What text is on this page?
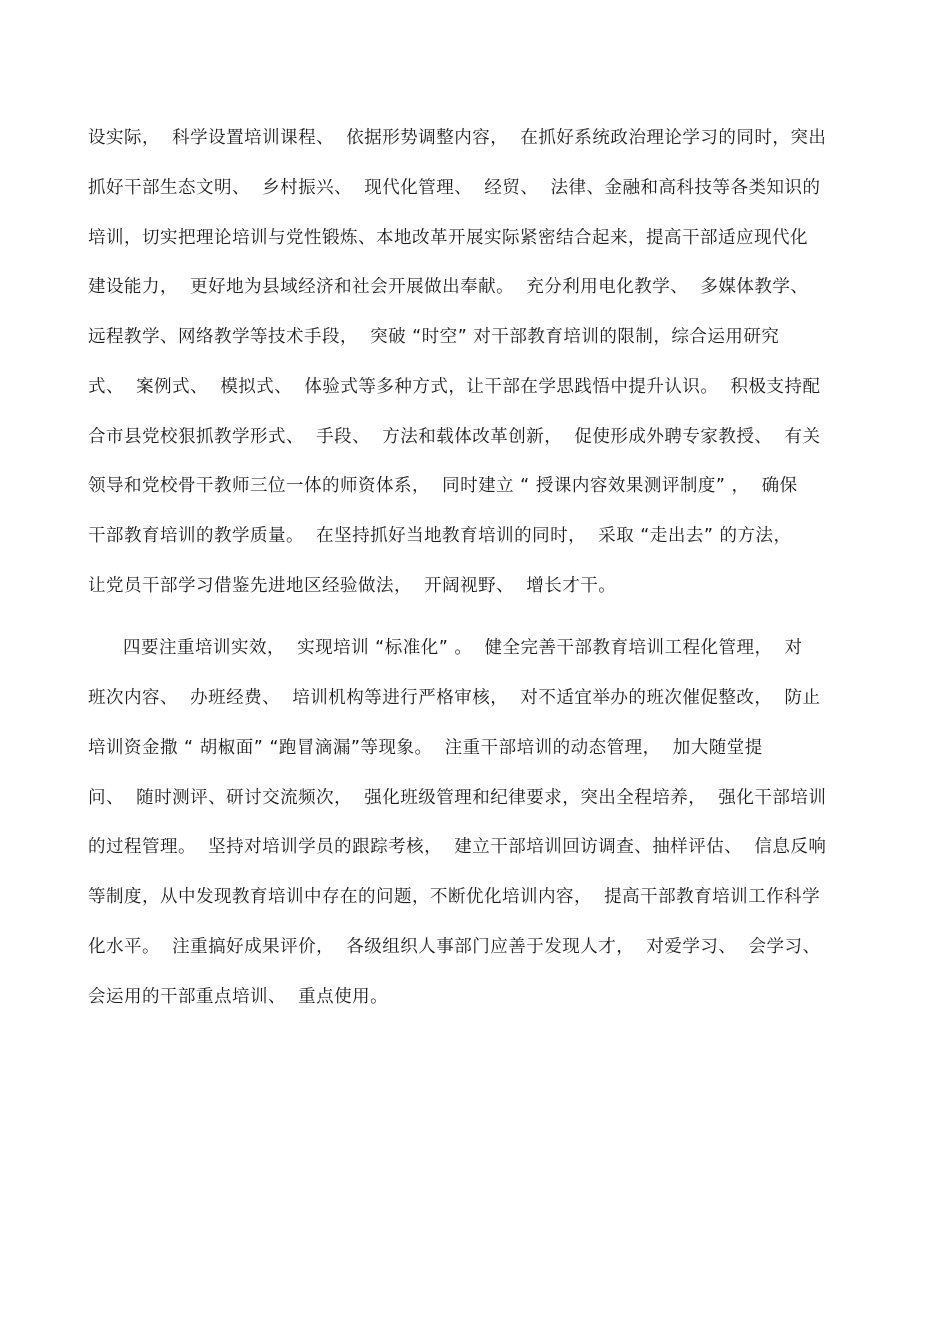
设实际，  科学设置培训课程、  依据形势调整内容，  在抓好系统政治理论学习的同时，突出
抓好干部生态文明、  乡村振兴、  现代化管理、  经贸、  法律、金融和高科技等各类知识的
培训，切实把理论培训与党性锻炼、本地改革开展实际紧密结合起来，提高干部适应现代化
建设能力，  更好地为县域经济和社会开展做出奉献。  充分利用电化教学、  多媒体教学、
远程教学、网络教学等技术手段，  突破 “时空” 对干部教育培训的限制，综合运用研究
式、  案例式、  模拟式、  体验式等多种方式，让干部在学思践悟中提升认识。  积极支持配
合市县党校狠抓教学形式、  手段、  方法和载体改革创新，  促使形成外聘专家教授、  有关
领导和党校骨干教师三位一体的师资体系，  同时建立 “ 授课内容效果测评制度” ，  确保
干部教育培训的教学质量。  在坚持抓好当地教育培训的同时，  采取 “走出去” 的方法，
让党员干部学习借鉴先进地区经验做法，  开阔视野、  增长才干。
四要注重培训实效，  实现培训 “标准化” 。  健全完善干部教育培训工程化管理，  对
班次内容、  办班经费、  培训机构等进行严格审核，  对不适宜举办的班次催促整改，  防止
培训资金撒 “ 胡椒面” “跑冒滴漏”等现象。  注重干部培训的动态管理，  加大随堂提
问、  随时测评、研讨交流频次，  强化班级管理和纪律要求，突出全程培养，  强化干部培训
的过程管理。  坚持对培训学员的跟踪考核，  建立干部培训回访调查、抽样评估、  信息反响
等制度，从中发现教育培训中存在的问题，不断优化培训内容，  提高干部教育培训工作科学
化水平。  注重搞好成果评价，  各级组织人事部门应善于发现人才，  对爱学习、  会学习、
会运用的干部重点培训、  重点使用。
